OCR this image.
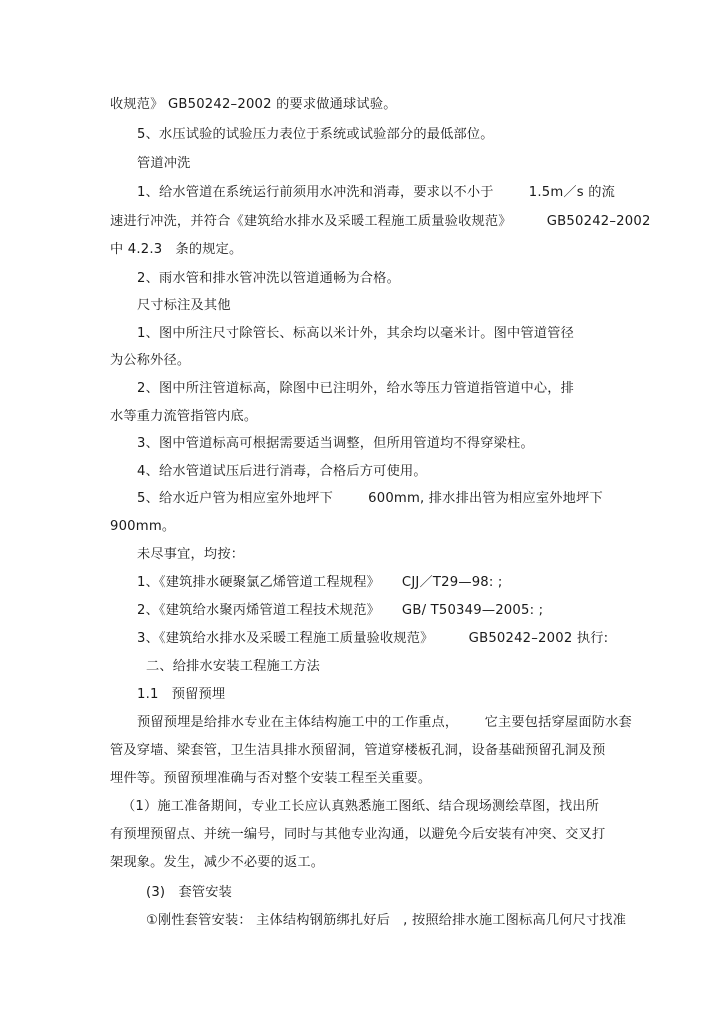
收规范》 GB50242–2002 的要求做通球试验。
5、水压试验的试验压力表位于系统或试验部分的最低部位。
管道冲洗
1、给水管道在系统运行前须用水冲洗和消毒，要求以不小于        1.5m／s 的流
速进行冲洗，并符合《建筑给水排水及采暖工程施工质量验收规范》        GB50242–2002
中 4.2.3   条的规定。
2、雨水管和排水管冲洗以管道通畅为合格。
尺寸标注及其他
1、图中所注尺寸除管长、标高以米计外，其余均以毫米计。图中管道管径
为公称外径。
2、图中所注管道标高，除图中已注明外，给水等压力管道指管道中心，排
水等重力流管指管内底。
3、图中管道标高可根据需要适当调整，但所用管道均不得穿梁柱。
4、给水管道试压后进行消毒，合格后方可使用。
5、给水近户管为相应室外地坪下        600mm, 排水排出管为相应室外地坪下
900mm。
未尽事宜，均按：
1、《建筑排水硬聚氯乙烯管道工程规程》     CJJ／T29—98: ;
2、《建筑给水聚丙烯管道工程技术规范》     GB/ T50349—2005: ;
3、《建筑给水排水及采暖工程施工质量验收规范》        GB50242–2002 执行:
二、给排水安装工程施工方法
1.1   预留预埋
预留预埋是给排水专业在主体结构施工中的工作重点，      它主要包括穿屋面防水套
管及穿墙、梁套管，卫生洁具排水预留洞，管道穿楼板孔洞，设备基础预留孔洞及预
埋件等。预留预埋准确与否对整个安装工程至关重要。
（1）施工准备期间，专业工长应认真熟悉施工图纸、结合现场测绘草图，找出所
有预埋预留点、并统一编号，同时与其他专业沟通，以避免今后安装有冲突、交叉打
架现象。发生，减少不必要的返工。
(3)   套管安装
①刚性套管安装： 主体结构钢筋绑扎好后   , 按照给排水施工图标高几何尺寸找准
